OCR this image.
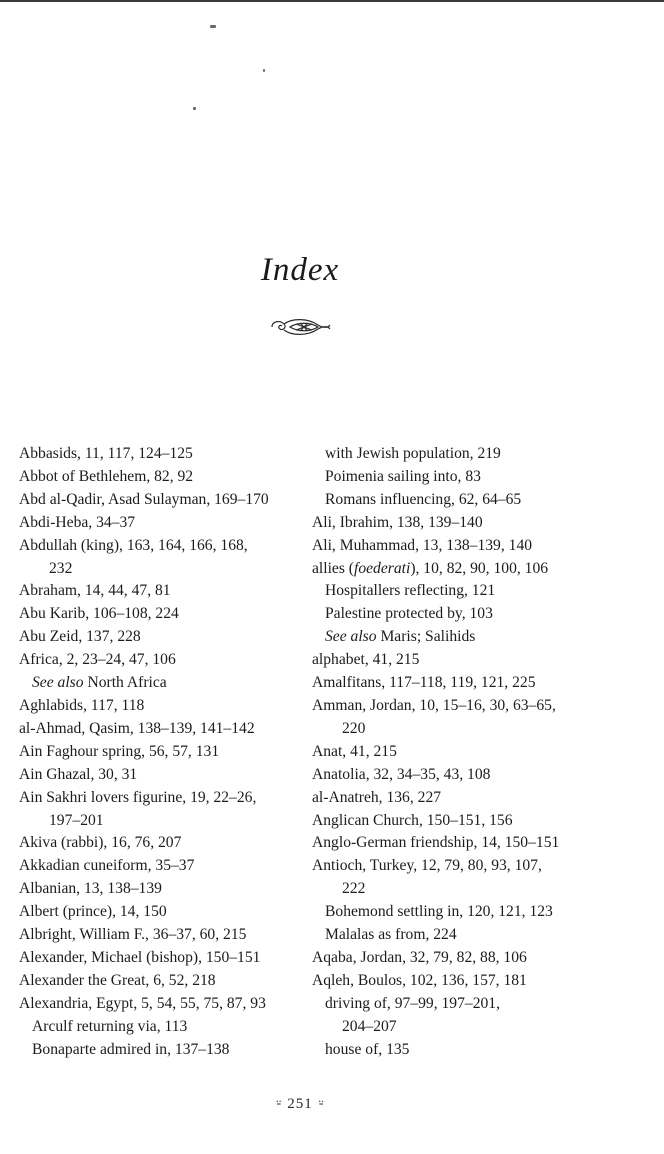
Index
Abbasids, 11, 117, 124–125
Abbot of Bethlehem, 82, 92
Abd al-Qadir, Asad Sulayman, 169–170
Abdi-Heba, 34–37
Abdullah (king), 163, 164, 166, 168,
232
Abraham, 14, 44, 47, 81
Abu Karib, 106–108, 224
Abu Zeid, 137, 228
Africa, 2, 23–24, 47, 106
See also North Africa
Aghlabids, 117, 118
al-Ahmad, Qasim, 138–139, 141–142
Ain Faghour spring, 56, 57, 131
Ain Ghazal, 30, 31
Ain Sakhri lovers figurine, 19, 22–26,
197–201
Akiva (rabbi), 16, 76, 207
Akkadian cuneiform, 35–37
Albanian, 13, 138–139
Albert (prince), 14, 150
Albright, William F., 36–37, 60, 215
Alexander, Michael (bishop), 150–151
Alexander the Great, 6, 52, 218
Alexandria, Egypt, 5, 54, 55, 75, 87, 93
Arculf returning via, 113
Bonaparte admired in, 137–138
with Jewish population, 219
Poimenia sailing into, 83
Romans influencing, 62, 64–65
Ali, Ibrahim, 138, 139–140
Ali, Muhammad, 13, 138–139, 140
allies (foederati), 10, 82, 90, 100, 106
Hospitallers reflecting, 121
Palestine protected by, 103
See also Maris; Salihids
alphabet, 41, 215
Amalfitans, 117–118, 119, 121, 225
Amman, Jordan, 10, 15–16, 30, 63–65,
220
Anat, 41, 215
Anatolia, 32, 34–35, 43, 108
al-Anatreh, 136, 227
Anglican Church, 150–151, 156
Anglo-German friendship, 14, 150–151
Antioch, Turkey, 12, 79, 80, 93, 107,
222
Bohemond settling in, 120, 121, 123
Malalas as from, 224
Aqaba, Jordan, 32, 79, 82, 88, 106
Aqleh, Boulos, 102, 136, 157, 181
driving of, 97–99, 197–201,
204–207
house of, 135
⸚ 251 ⸚
